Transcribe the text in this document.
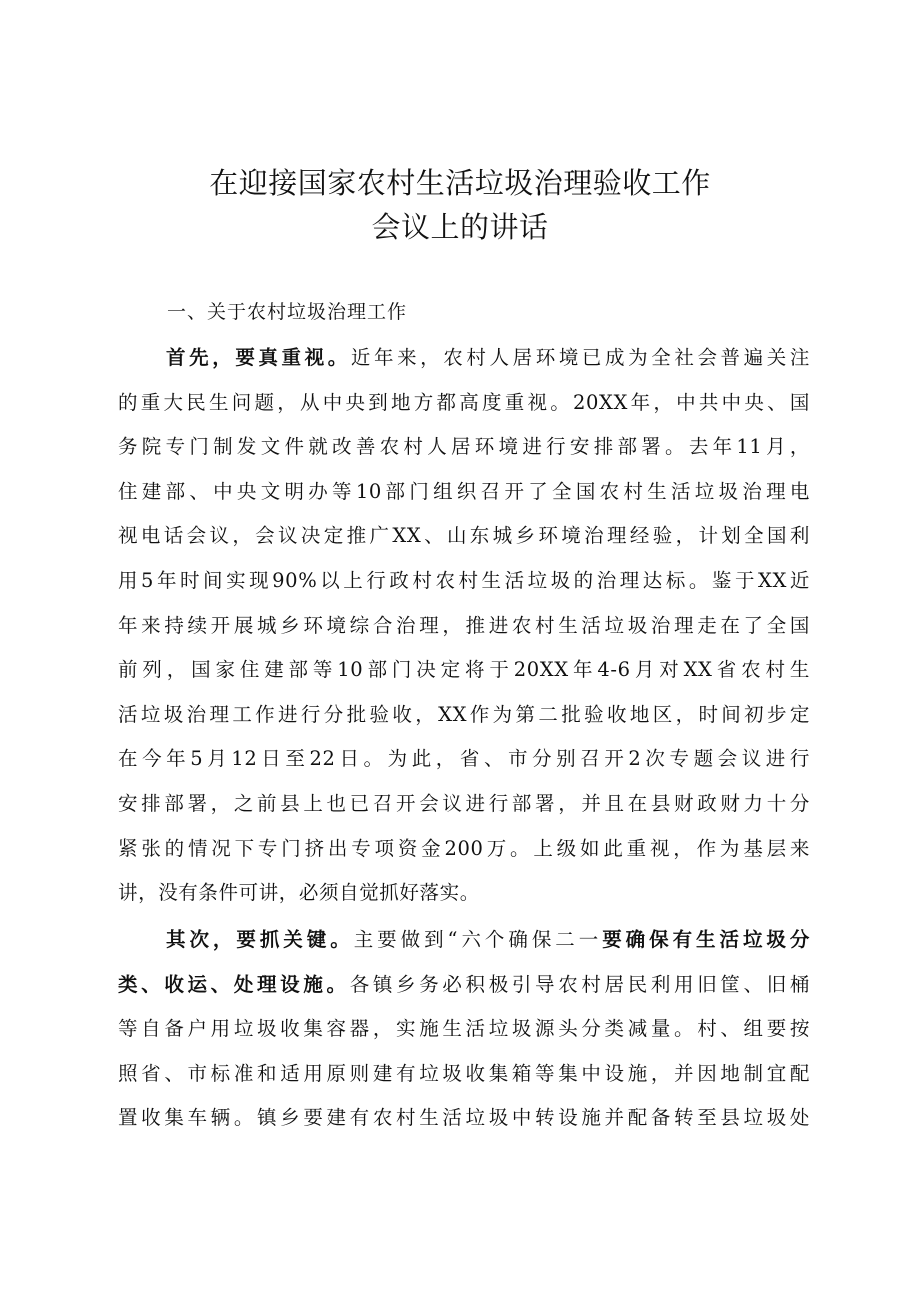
在迎接国家农村生活垃圾治理验收工作
会议上的讲话
一、关于农村垃圾治理工作
首先，要真重视。近年来，农村人居环境已成为全社会普遍关注
的重大民生问题，从中央到地方都高度重视。20XX年，中共中央、国
务院专门制发文件就改善农村人居环境进行安排部署。去年11月，
住建部、中央文明办等10部门组织召开了全国农村生活垃圾治理电
视电话会议，会议决定推广XX、山东城乡环境治理经验，计划全国利
用5年时间实现90%以上行政村农村生活垃圾的治理达标。鉴于XX近
年来持续开展城乡环境综合治理，推进农村生活垃圾治理走在了全国
前列，国家住建部等10部门决定将于20XX年4-6月对XX省农村生
活垃圾治理工作进行分批验收，XX作为第二批验收地区，时间初步定
在今年5月12日至22日。为此，省、市分别召开2次专题会议进行
安排部署，之前县上也已召开会议进行部署，并且在县财政财力十分
紧张的情况下专门挤出专项资金200万。上级如此重视，作为基层来
讲，没有条件可讲，必须自觉抓好落实。
其次，要抓关键。主要做到“六个确保二一要确保有生活垃圾分
类、收运、处理设施。各镇乡务必积极引导农村居民利用旧筐、旧桶
等自备户用垃圾收集容器，实施生活垃圾源头分类减量。村、组要按
照省、市标准和适用原则建有垃圾收集箱等集中设施，并因地制宜配
置收集车辆。镇乡要建有农村生活垃圾中转设施并配备转至县垃圾处
